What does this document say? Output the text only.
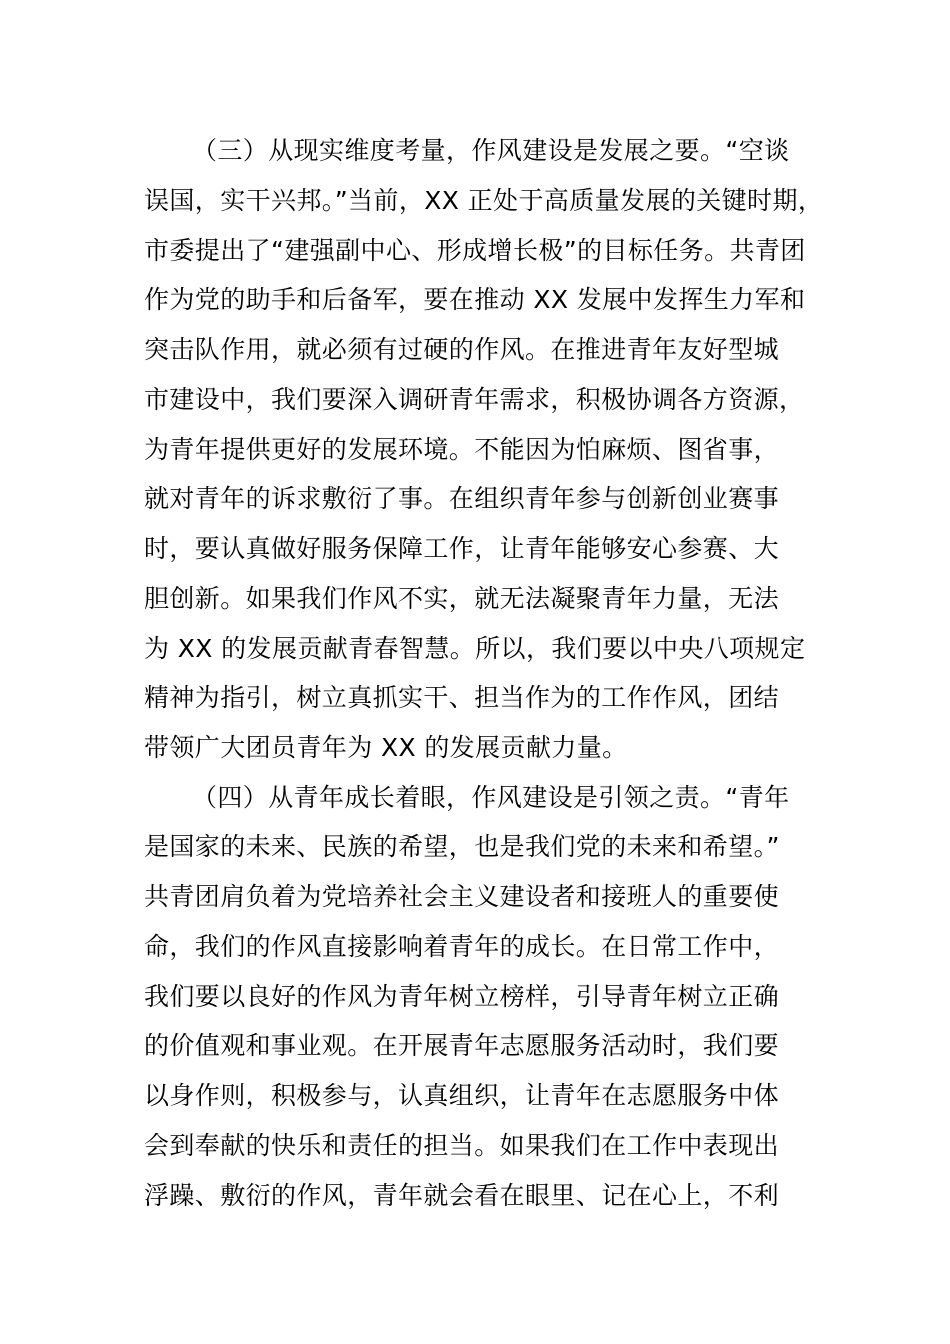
（三）从现实维度考量，作风建设是发展之要。“空谈
误国，实干兴邦。”当前，XX 正处于高质量发展的关键时期，
市委提出了“建强副中心、形成增长极”的目标任务。共青团
作为党的助手和后备军，要在推动 XX 发展中发挥生力军和
突击队作用，就必须有过硬的作风。在推进青年友好型城
市建设中，我们要深入调研青年需求，积极协调各方资源，
为青年提供更好的发展环境。不能因为怕麻烦、图省事，
就对青年的诉求敷衍了事。在组织青年参与创新创业赛事
时，要认真做好服务保障工作，让青年能够安心参赛、大
胆创新。如果我们作风不实，就无法凝聚青年力量，无法
为 XX 的发展贡献青春智慧。所以，我们要以中央八项规定
精神为指引，树立真抓实干、担当作为的工作作风，团结
带领广大团员青年为 XX 的发展贡献力量。
（四）从青年成长着眼，作风建设是引领之责。“青年
是国家的未来、民族的希望，也是我们党的未来和希望。”
共青团肩负着为党培养社会主义建设者和接班人的重要使
命，我们的作风直接影响着青年的成长。在日常工作中，
我们要以良好的作风为青年树立榜样，引导青年树立正确
的价值观和事业观。在开展青年志愿服务活动时，我们要
以身作则，积极参与，认真组织，让青年在志愿服务中体
会到奉献的快乐和责任的担当。如果我们在工作中表现出
浮躁、敷衍的作风，青年就会看在眼里、记在心上，不利
